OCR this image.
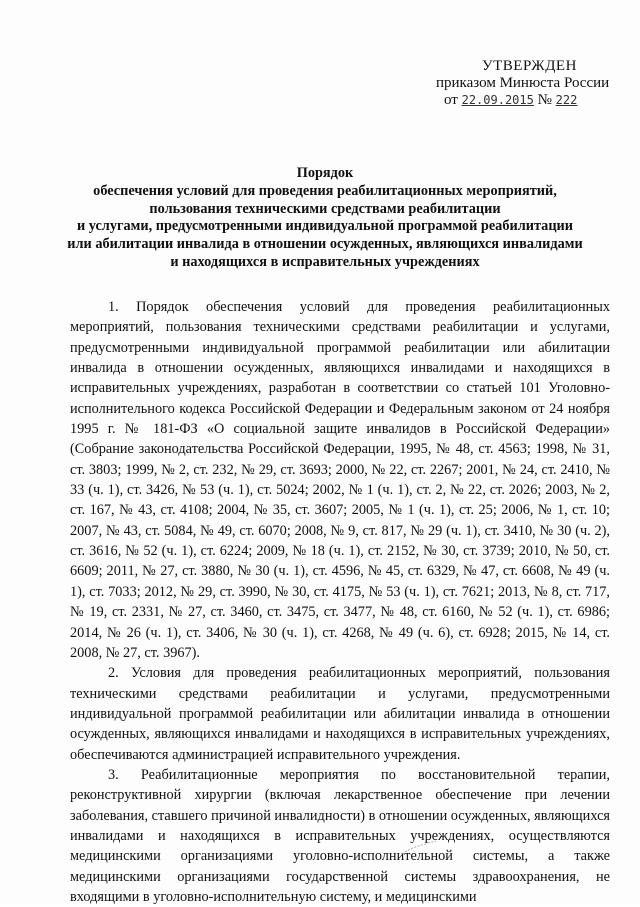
УТВЕРЖДЕН
приказом Минюста России
от 22.09.2015 № 222
Порядок
обеспечения условий для проведения реабилитационных мероприятий,
пользования техническими средствами реабилитации
и услугами, предусмотренными индивидуальной программой реабилитации
или абилитации инвалида в отношении осужденных, являющихся инвалидами
и находящихся в исправительных учреждениях

1. Порядок обеспечения условий для проведения реабилитационных мероприятий, пользования техническими средствами реабилитации и услугами, предусмотренными индивидуальной программой реабилитации или абилитации инвалида в отношении осужденных, являющихся инвалидами и находящихся в исправительных учреждениях, разработан в соответствии со статьей 101 Уголовно-исполнительного кодекса Российской Федерации и Федеральным законом от 24 ноября 1995 г. № 181-ФЗ «О социальной защите инвалидов в Российской Федерации» (Собрание законодательства Российской Федерации, 1995, № 48, ст. 4563; 1998, № 31, ст. 3803; 1999, № 2, ст. 232, № 29, ст. 3693; 2000, № 22, ст. 2267; 2001, № 24, ст. 2410, № 33 (ч. 1), ст. 3426, № 53 (ч. 1), ст. 5024; 2002, № 1 (ч. 1), ст. 2, № 22, ст. 2026; 2003, № 2, ст. 167, № 43, ст. 4108; 2004, № 35, ст. 3607; 2005, № 1 (ч. 1), ст. 25; 2006, № 1, ст. 10; 2007, № 43, ст. 5084, № 49, ст. 6070; 2008, № 9, ст. 817, № 29 (ч. 1), ст. 3410, № 30 (ч. 2), ст. 3616, № 52 (ч. 1), ст. 6224; 2009, № 18 (ч. 1), ст. 2152, № 30, ст. 3739; 2010, № 50, ст. 6609; 2011, № 27, ст. 3880, № 30 (ч. 1), ст. 4596, № 45, ст. 6329, № 47, ст. 6608, № 49 (ч. 1), ст. 7033; 2012, № 29, ст. 3990, № 30, ст. 4175, № 53 (ч. 1), ст. 7621; 2013, № 8, ст. 717, № 19, ст. 2331, № 27, ст. 3460, ст. 3475, ст. 3477, № 48, ст. 6160, № 52 (ч. 1), ст. 6986; 2014, № 26 (ч. 1), ст. 3406, № 30 (ч. 1), ст. 4268, № 49 (ч. 6), ст. 6928; 2015, № 14, ст. 2008, № 27, ст. 3967).

2. Условия для проведения реабилитационных мероприятий, пользования техническими средствами реабилитации и услугами, предусмотренными индивидуальной программой реабилитации или абилитации инвалида в отношении осужденных, являющихся инвалидами и находящихся в исправительных учреждениях, обеспечиваются администрацией исправительного учреждения.

3. Реабилитационные мероприятия по восстановительной терапии, реконструктивной хирургии (включая лекарственное обеспечение при лечении заболевания, ставшего причиной инвалидности) в отношении осужденных, являющихся инвалидами и находящихся в исправительных учреждениях, осуществляются медицинскими организациями уголовно-исполнительной системы, а также медицинскими организациями государственной системы здравоохранения, не входящими в уголовно-исполнительную систему, и медицинскими
